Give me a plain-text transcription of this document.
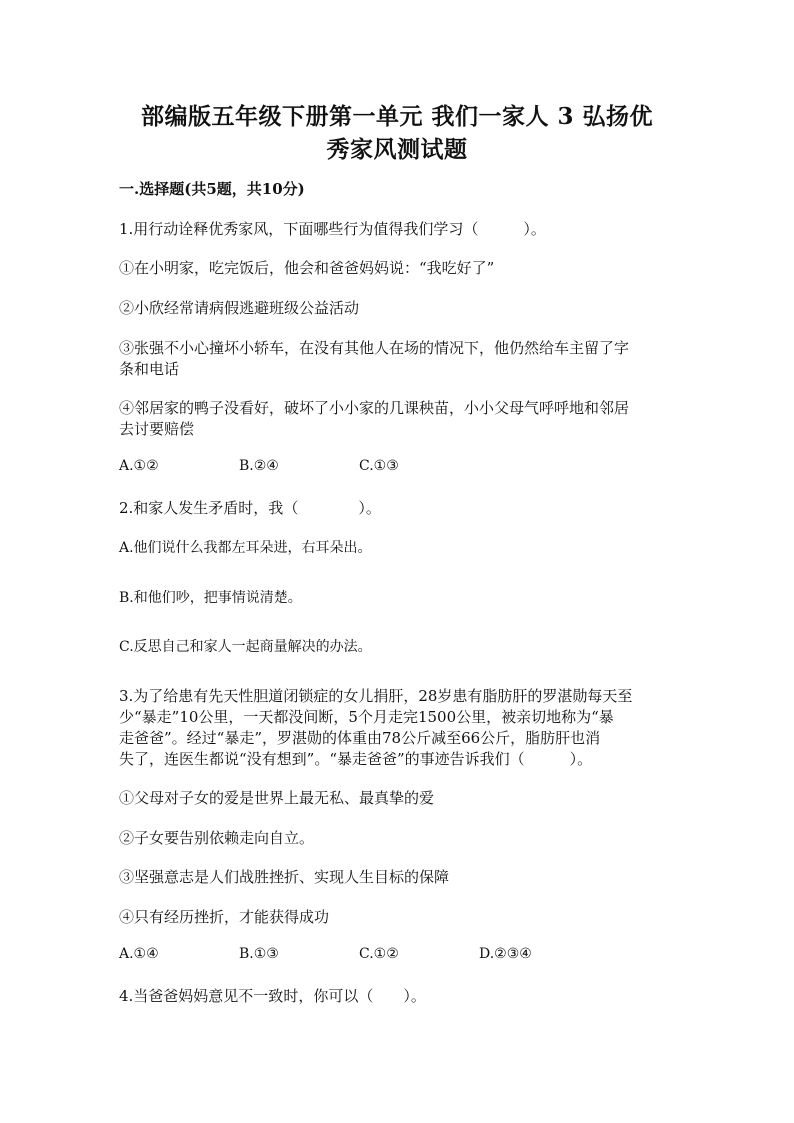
部编版五年级下册第一单元 我们一家人 3 弘扬优
秀家风测试题
一.选择题(共5题，共10分)
1.用行动诠释优秀家风，下面哪些行为值得我们学习（　　　）。
①在小明家，吃完饭后，他会和爸爸妈妈说：“我吃好了”
②小欣经常请病假逃避班级公益活动
③张强不小心撞坏小轿车，在没有其他人在场的情况下，他仍然给车主留了字
条和电话
④邻居家的鸭子没看好，破坏了小小家的几课秧苗，小小父母气呼呼地和邻居
去讨要赔偿
A.①②	B.②④	C.①③
2.和家人发生矛盾时，我（　　　　）。
A.他们说什么我都左耳朵进，右耳朵出。
B.和他们吵，把事情说清楚。
C.反思自己和家人一起商量解决的办法。
3.为了给患有先天性胆道闭锁症的女儿捐肝，28岁患有脂肪肝的罗湛勋每天至
少“暴走”10公里，一天都没间断，5个月走完1500公里，被亲切地称为“暴
走爸爸”。经过“暴走”，罗湛勋的体重由78公斤减至66公斤，脂肪肝也消
失了，连医生都说“没有想到”。“暴走爸爸”的事迹告诉我们（　　　）。
①父母对子女的爱是世界上最无私、最真挚的爱
②子女要告别依赖走向自立。
③坚强意志是人们战胜挫折、实现人生目标的保障
④只有经历挫折，才能获得成功
A.①④	B.①③	C.①②	D.②③④
4.当爸爸妈妈意见不一致时，你可以（　　）。
